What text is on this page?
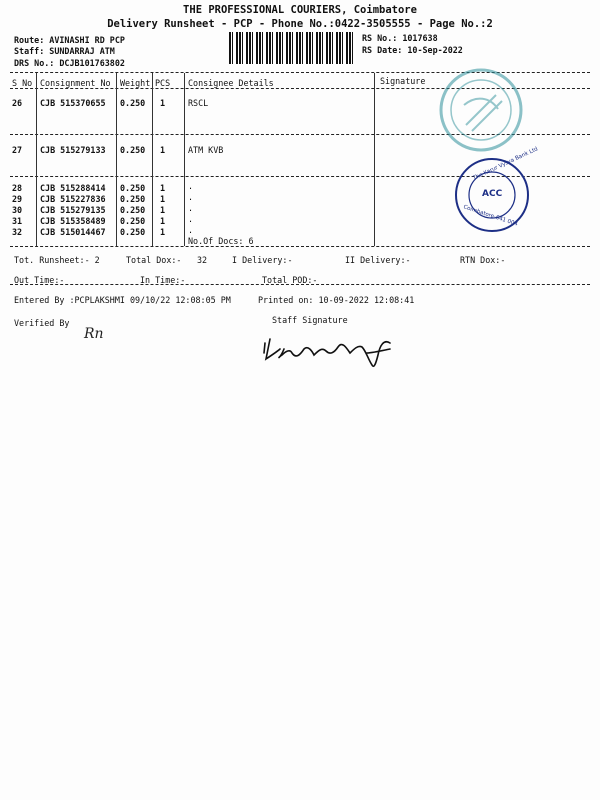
THE PROFESSIONAL COURIERS, Coimbatore
Delivery Runsheet - PCP - Phone No.:0422-3505555 - Page No.:2
Route: AVINASHI RD PCP
Staff: SUNDARRAJ ATM
DRS No.: DCJB101763802
RS No.: 1017638
RS Date: 10-Sep-2022
S No Consignment No Weight PCS Consignee Details	Signature
26 CJB 515370655 0.250 1	RSCL
27 CJB 515279133 0.250 1	ATM KVB
28 CJB 515288414 0.250 1	.
29 CJB 515227836 0.250 1	.
30 CJB 515279135 0.250 1	.
31 CJB 515358489 0.250 1	.
32 CJB 515014467 0.250 1	.
No.Of Docs: 6
Tot. Runsheet:- 2	Total Dox:- 32	I Delivery:-	II Delivery:-	RTN Dox:-
Out Time:-	In Time:-	Total POD:-
Entered By :PCPLAKSHMI 09/10/22 12:08:05 PM	Printed on: 10-09-2022 12:08:41
Verified By	Staff Signature
Rn
ACC
The Karur Vysya Bank Ltd
Coimbatore-641 004
